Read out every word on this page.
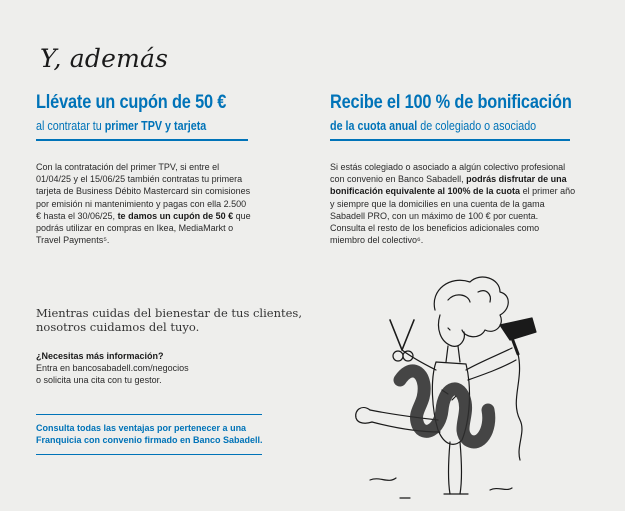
Y, además
Llévate un cupón de 50 €
al contratar tu primer TPV y tarjeta
Con la contratación del primer TPV, si entre el 01/04/25 y el 15/06/25 también contratas tu primera tarjeta de Business Débito Mastercard sin comisiones por emisión ni mantenimiento y pagas con ella 2.500 € hasta el 30/06/25, te damos un cupón de 50 € que podrás utilizar en compras en Ikea, MediaMarkt o Travel Payments⁵.
Recibe el 100 % de bonificación
de la cuota anual de colegiado o asociado
Si estás colegiado o asociado a algún colectivo profesional con convenio en Banco Sabadell, podrás disfrutar de una bonificación equivalente al 100% de la cuota el primer año y siempre que la domicilies en una cuenta de la gama Sabadell PRO, con un máximo de 100 € por cuenta. Consulta el resto de los beneficios adicionales como miembro del colectivo⁶.
Mientras cuidas del bienestar de tus clientes,
nosotros cuidamos del tuyo.
¿Necesitas más información?
Entra en bancosabadell.com/negocios
o solicita una cita con tu gestor.
Consulta todas las ventajas por pertenecer a una
Franquicia con convenio firmado en Banco Sabadell.
